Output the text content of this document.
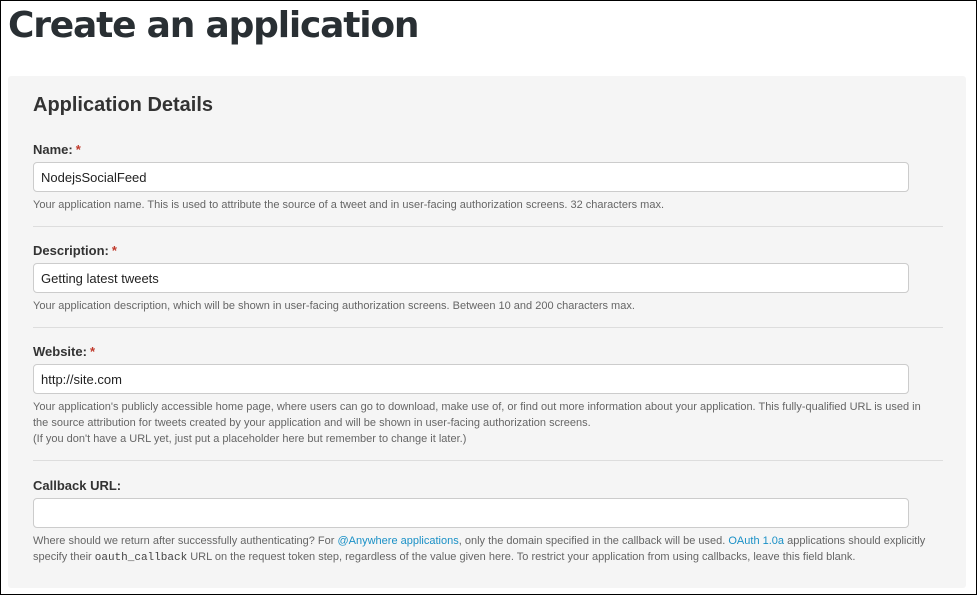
Create an application
Application Details
Name: *
NodejsSocialFeed
Your application name. This is used to attribute the source of a tweet and in user-facing authorization screens. 32 characters max.
Description: *
Getting latest tweets
Your application description, which will be shown in user-facing authorization screens. Between 10 and 200 characters max.
Website: *
http://site.com
Your application's publicly accessible home page, where users can go to download, make use of, or find out more information about your application. This fully-qualified URL is used in the source attribution for tweets created by your application and will be shown in user-facing authorization screens.
(If you don't have a URL yet, just put a placeholder here but remember to change it later.)
Callback URL:
Where should we return after successfully authenticating? For @Anywhere applications, only the domain specified in the callback will be used. OAuth 1.0a applications should explicitly specify their oauth_callback URL on the request token step, regardless of the value given here. To restrict your application from using callbacks, leave this field blank.
